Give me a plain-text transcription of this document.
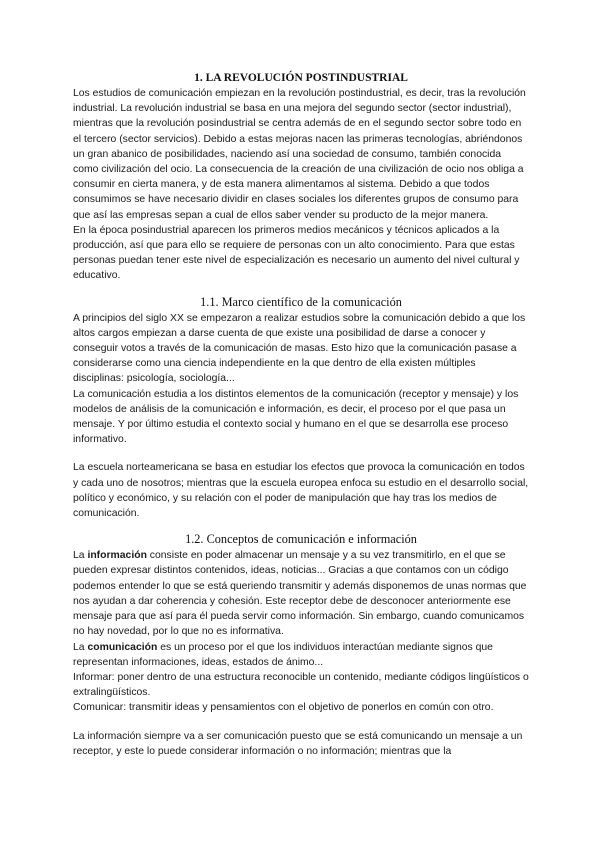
1. LA REVOLUCIÓN POSTINDUSTRIAL

Los estudios de comunicación empiezan en la revolución postindustrial, es decir, tras la revolución industrial. La revolución industrial se basa en una mejora del segundo sector (sector industrial), mientras que la revolución posindustrial se centra además de en el segundo sector sobre todo en el tercero (sector servicios). Debido a estas mejoras nacen las primeras tecnologías, abriéndonos un gran abanico de posibilidades, naciendo así una sociedad de consumo, también conocida como civilización del ocio. La consecuencia de la creación de una civilización de ocio nos obliga a consumir en cierta manera, y de esta manera alimentamos al sistema. Debido a que todos consumimos se have necesario dividir en clases sociales los diferentes grupos de consumo para que así las empresas sepan a cual de ellos saber vender su producto de la mejor manera.

En la época posindustrial aparecen los primeros medios mecánicos y técnicos aplicados a la producción, así que para ello se requiere de personas con un alto conocimiento. Para que estas personas puedan tener este nivel de especialización es necesario un aumento del nivel cultural y educativo.

1.1. Marco científico de la comunicación

A principios del siglo XX se empezaron a realizar estudios sobre la comunicación debido a que los altos cargos empiezan a darse cuenta de que existe una posibilidad de darse a conocer y conseguir votos a través de la comunicación de masas. Esto hizo que la comunicación pasase a considerarse como una ciencia independiente en la que dentro de ella existen múltiples disciplinas: psicología, sociología...

La comunicación estudia a los distintos elementos de la comunicación (receptor y mensaje) y los modelos de análisis de la comunicación e información, es decir, el proceso por el que pasa un mensaje. Y por último estudia el contexto social y humano en el que se desarrolla ese proceso informativo.

La escuela norteamericana se basa en estudiar los efectos que provoca la comunicación en todos y cada uno de nosotros; mientras que la escuela europea enfoca su estudio en el desarrollo social, político y económico, y su relación con el poder de manipulación que hay tras los medios de comunicación.

1.2. Conceptos de comunicación e información

La información consiste en poder almacenar un mensaje y a su vez transmitirlo, en el que se pueden expresar distintos contenidos, ideas, noticias... Gracias a que contamos con un código podemos entender lo que se está queriendo transmitir y además disponemos de unas normas que nos ayudan a dar coherencia y cohesión. Este receptor debe de desconocer anteriormente ese mensaje para que así para él pueda servir como información. Sin embargo, cuando comunicamos no hay novedad, por lo que no es informativa.

La comunicación es un proceso por el que los individuos interactúan mediante signos que representan informaciones, ideas, estados de ánimo...

Informar: poner dentro de una estructura reconocible un contenido, mediante códigos lingüísticos o extralingüísticos.

Comunicar: transmitir ideas y pensamientos con el objetivo de ponerlos en común con otro.

La información siempre va a ser comunicación puesto que se está comunicando un mensaje a un receptor, y este lo puede considerar información o no información; mientras que la
